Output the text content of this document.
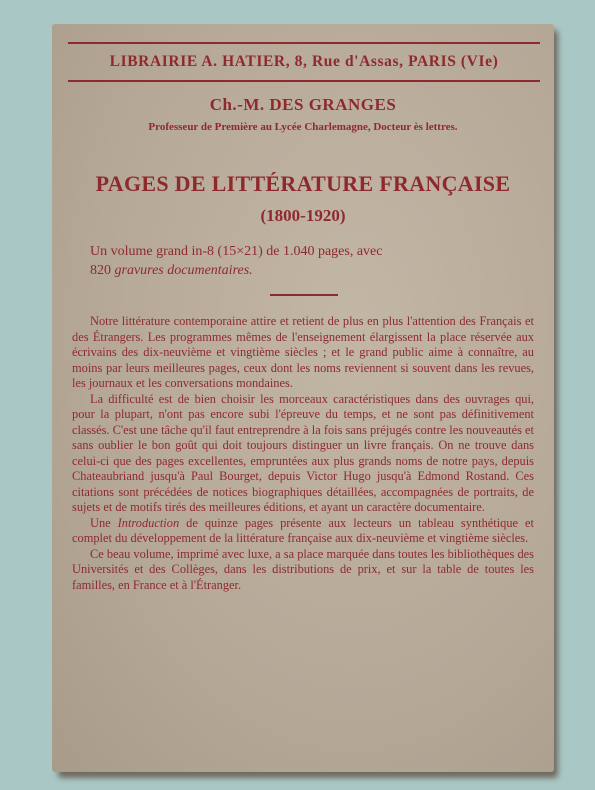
LIBRAIRIE A. HATIER, 8, Rue d'Assas, PARIS (VIe)
Ch.-M. DES GRANGES
Professeur de Première au Lycée Charlemagne, Docteur ès lettres.
PAGES DE LITTÉRATURE FRANÇAISE
(1800-1920)
Un volume grand in-8 (15×21) de 1.040 pages, avec
820 gravures documentaires.

Notre littérature contemporaine attire et retient de plus en plus l'attention des Français et des Étrangers. Les programmes mêmes de l'enseignement élargissent la place réservée aux écrivains des dix-neuvième et vingtième siècles ; et le grand public aime à connaître, au moins par leurs meilleures pages, ceux dont les noms reviennent si souvent dans les revues, les journaux et les conversations mondaines.

La difficulté est de bien choisir les morceaux caractéristiques dans des ouvrages qui, pour la plupart, n'ont pas encore subi l'épreuve du temps, et ne sont pas définitivement classés. C'est une tâche qu'il faut entreprendre à la fois sans préjugés contre les nouveautés et sans oublier le bon goût qui doit toujours distinguer un livre français. On ne trouve dans celui-ci que des pages excellentes, empruntées aux plus grands noms de notre pays, depuis Chateaubriand jusqu'à Paul Bourget, depuis Victor Hugo jusqu'à Edmond Rostand. Ces citations sont précédées de notices biographiques détaillées, accompagnées de portraits, de sujets et de motifs tirés des meilleures éditions, et ayant un caractère documentaire.

Une Introduction de quinze pages présente aux lecteurs un tableau synthétique et complet du développement de la littérature française aux dix-neuvième et vingtième siècles.

Ce beau volume, imprimé avec luxe, a sa place marquée dans toutes les bibliothèques des Universités et des Collèges, dans les distributions de prix, et sur la table de toutes les familles, en France et à l'Étranger.
